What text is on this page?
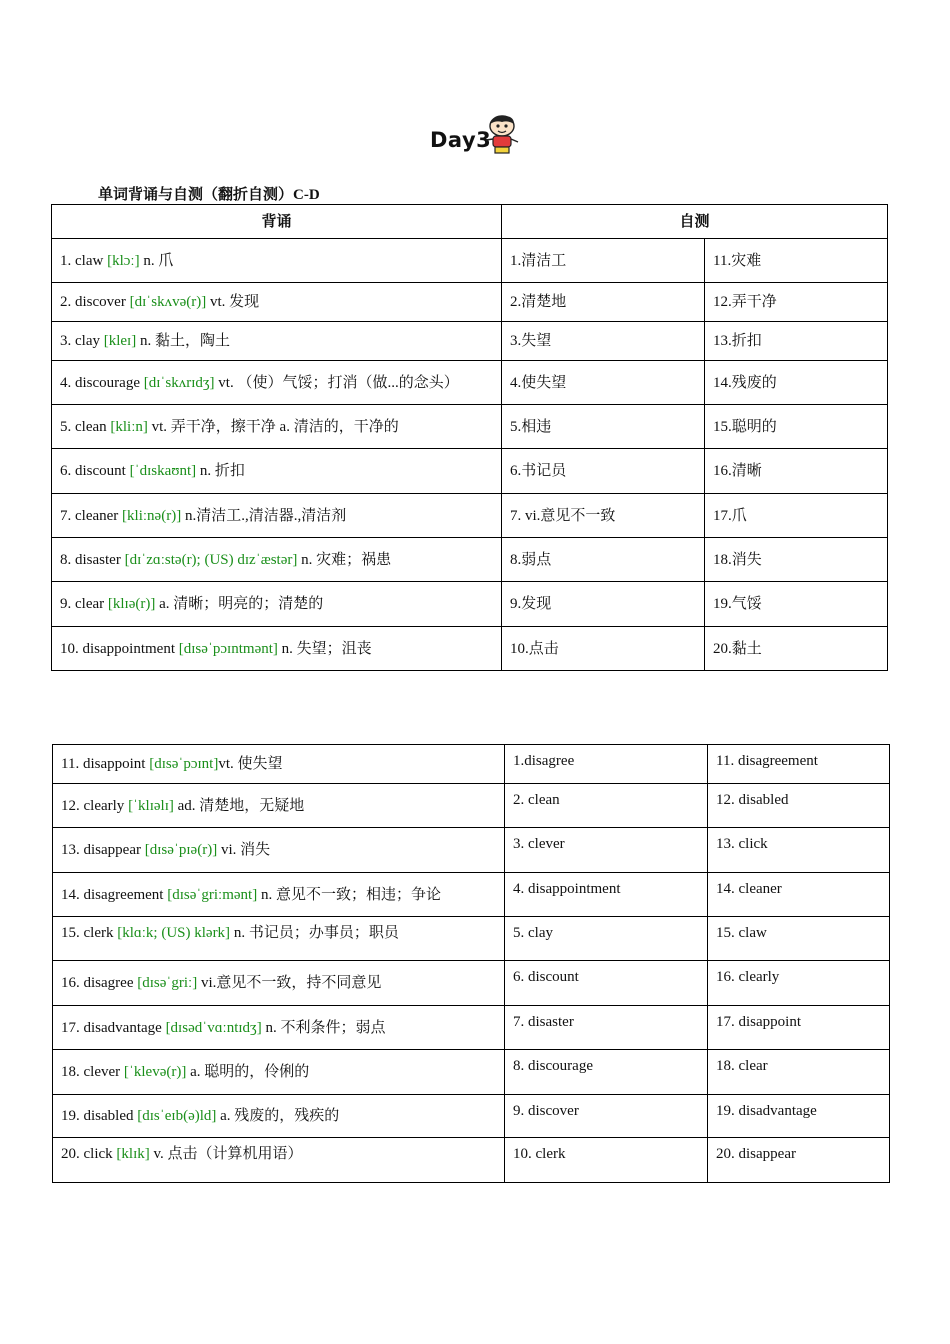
Day3
单词背诵与自测（翻折自测）C-D
背诵	自测	
1. claw [klɔː] n. 爪	1.清洁工	11.灾难
2. discover [dɪˈskʌvə(r)] vt. 发现	2.清楚地	12.弄干净
3. clay [kleɪ] n. 黏土，陶土	3.失望	13.折扣
4. discourage [dɪˈskʌrɪdʒ] vt. （使）气馁；打消（做...的念头）	4.使失望	14.残废的
5. clean [kliːn] vt. 弄干净，擦干净 a. 清洁的，干净的	5.相违	15.聪明的
6. discount [ˈdɪskaʊnt] n. 折扣	6.书记员	16.清晰
7. cleaner [kliːnə(r)] n.清洁工.,清洁器.,清洁剂	7. vi.意见不一致	17.爪
8. disaster [dɪˈzɑːstə(r); (US) dɪzˈæstər] n. 灾难；祸患	8.弱点	18.消失
9. clear [klɪə(r)] a. 清晰；明亮的；清楚的	9.发现	19.气馁
10. disappointment [dɪsəˈpɔɪntmənt] n. 失望；沮丧	10.点击	20.黏土
11. disappoint [dɪsəˈpɔɪnt]vt. 使失望	1.disagree	11. disagreement
12. clearly [ˈklɪəlɪ] ad. 清楚地，无疑地	2. clean	12. disabled
13. disappear [dɪsəˈpɪə(r)] vi. 消失	3. clever	13. click
14. disagreement [dɪsəˈgriːmənt] n. 意见不一致；相违；争论	4. disappointment	14. cleaner
15. clerk [klɑːk; (US) klərk] n. 书记员；办事员；职员	5. clay	15. claw
16. disagree [dɪsəˈgriː] vi.意见不一致，持不同意见	6. discount	16. clearly
17. disadvantage [dɪsədˈvɑːntɪdʒ] n. 不利条件；弱点	7. disaster	17. disappoint
18. clever [ˈklevə(r)] a. 聪明的，伶俐的	8. discourage	18. clear
19. disabled [dɪsˈeɪb(ə)ld] a. 残废的，残疾的	9. discover	19. disadvantage
20. click [klɪk] v. 点击（计算机用语）	10. clerk	20. disappear
